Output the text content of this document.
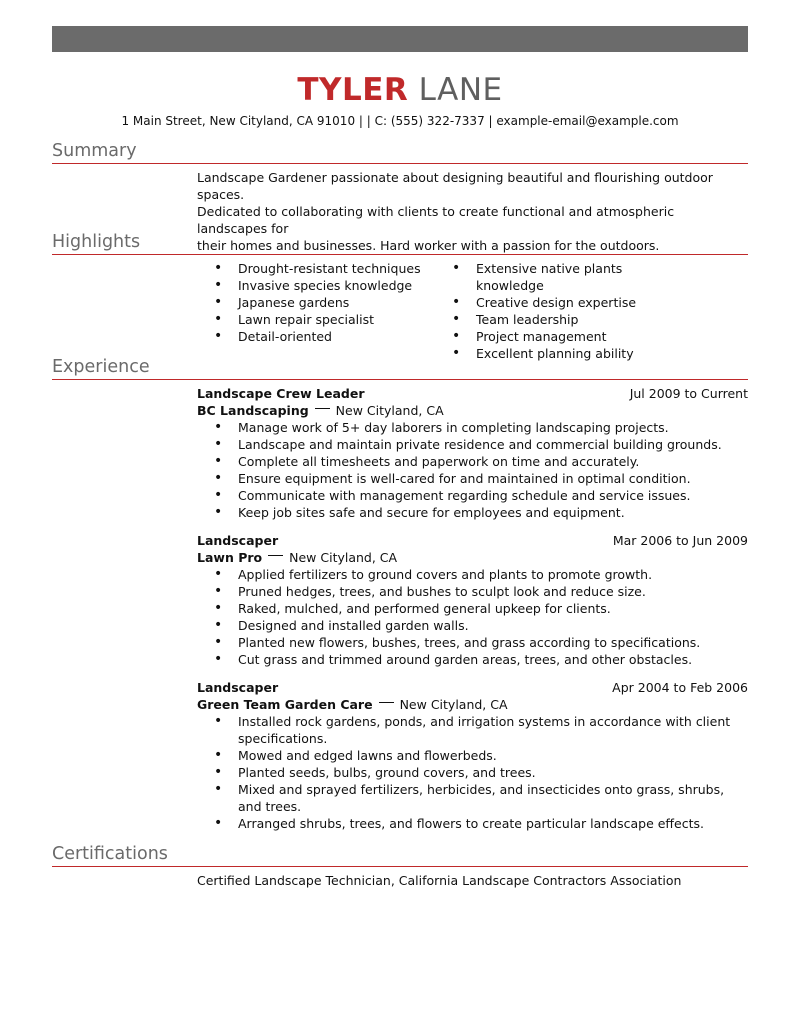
TYLER LANE
1 Main Street, New Cityland, CA 91010 | | C: (555) 322-7337 | example-email@example.com
Summary
Landscape Gardener passionate about designing beautiful and flourishing outdoor spaces.
Dedicated to collaborating with clients to create functional and atmospheric landscapes for
their homes and businesses. Hard worker with a passion for the outdoors.
Highlights
• Drought-resistant techniques
• Invasive species knowledge
• Japanese gardens
• Lawn repair specialist
• Detail-oriented
• Extensive native plants knowledge
• Creative design expertise
• Team leadership
• Project management
• Excellent planning ability
Experience
Landscape Crew Leader	Jul 2009 to Current
BC Landscaping New Cityland, CA
• Manage work of 5+ day laborers in completing landscaping projects.
• Landscape and maintain private residence and commercial building grounds.
• Complete all timesheets and paperwork on time and accurately.
• Ensure equipment is well-cared for and maintained in optimal condition.
• Communicate with management regarding schedule and service issues.
• Keep job sites safe and secure for employees and equipment.
Landscaper	Mar 2006 to Jun 2009
Lawn Pro New Cityland, CA
• Applied fertilizers to ground covers and plants to promote growth.
• Pruned hedges, trees, and bushes to sculpt look and reduce size.
• Raked, mulched, and performed general upkeep for clients.
• Designed and installed garden walls.
• Planted new flowers, bushes, trees, and grass according to specifications.
• Cut grass and trimmed around garden areas, trees, and other obstacles.
Landscaper	Apr 2004 to Feb 2006
Green Team Garden Care New Cityland, CA
• Installed rock gardens, ponds, and irrigation systems in accordance with client specifications.
• Mowed and edged lawns and flowerbeds.
• Planted seeds, bulbs, ground covers, and trees.
• Mixed and sprayed fertilizers, herbicides, and insecticides onto grass, shrubs, and trees.
• Arranged shrubs, trees, and flowers to create particular landscape effects.
Certifications
Certified Landscape Technician, California Landscape Contractors Association
